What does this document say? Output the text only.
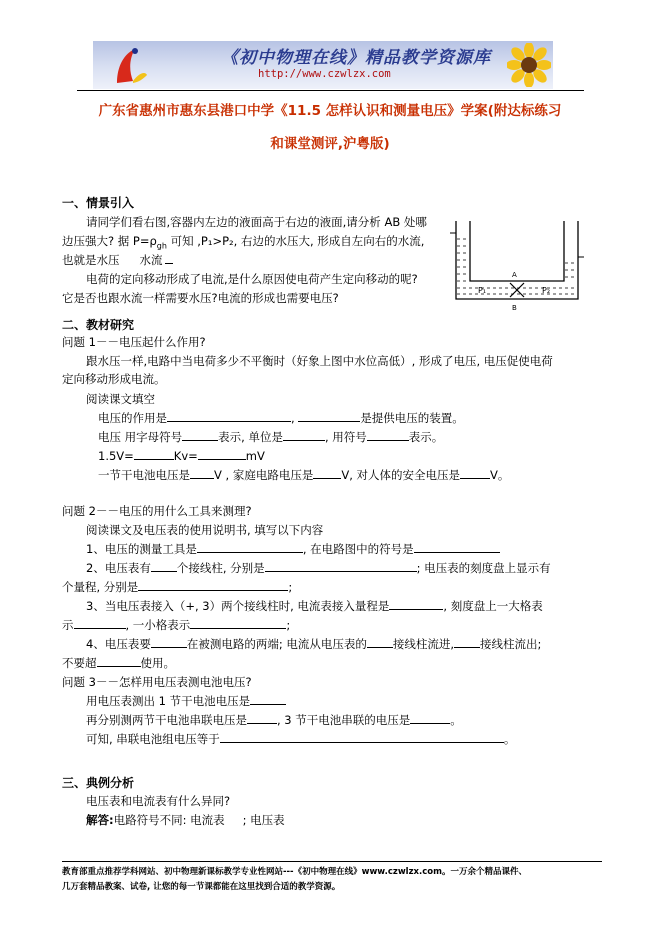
《初中物理在线》精品教学资源库
http://www.czwlzx.com
广东省惠州市惠东县港口中学《11.5 怎样认识和测量电压》学案(附达标练习
和课堂测评,沪粤版)
一、情景引入
请同学们看右图,容器内左边的液面高于右边的液面,请分析 AB 处哪
边压强大? 据 $P=\rho_{gh}$ 可知 ,P₁>P₂, 右边的水压大, 形成自左向右的水流,
也就是水压 水流
电荷的定向移动形成了电流,是什么原因使电荷产生定向移动的呢?
它是否也跟水流一样需要水压?电流的形成也需要电压?
A
B
P₁	P₂
二、教材研究
问题 1－－电压起什么作用?
跟水压一样,电路中当电荷多少不平衡时（好象上图中水位高低）, 形成了电压, 电压促使电荷
定向移动形成电流。
阅读课文填空
电压的作用是	,	是提供电压的装置。
电压 用字母符号	表示, 单位是	, 用符号	表示。
1.5V=	Kv=	mV
一节干电池电压是 V , 家庭电路电压是 V, 对人体的安全电压是	V。
问题 2－－电压的用什么工具来测理?
阅读课文及电压表的使用说明书, 填写以下内容
1、电压的测量工具是	, 在电路图中的符号是
2、电压表有 个接线柱, 分别是	; 电压表的刻度盘上显示有
个量程, 分别是	;
3、当电压表接入（+, 3）两个接线柱时, 电流表接入量程是	, 刻度盘上一大格表
示	, 一小格表示	;
4、电压表要	在被测电路的两端; 电流从电压表的 接线柱流进, 接线柱流出;
不要超	使用。
问题 3－－怎样用电压表测电池电压?
用电压表测出 1 节干电池电压是
再分别测两节干电池串联电压是	, 3 节干电池串联的电压是	。
可知, 串联电池组电压等于	。
三、典例分析
电压表和电流表有什么异同?
解答:电路符号不同: 电流表 ; 电压表
教育部重点推荐学科网站、初中物理新课标教学专业性网站---《初中物理在线》www.czwlzx.com。一万余个精品课件、
几万套精品教案、试卷, 让您的每一节课都能在这里找到合适的教学资源。
